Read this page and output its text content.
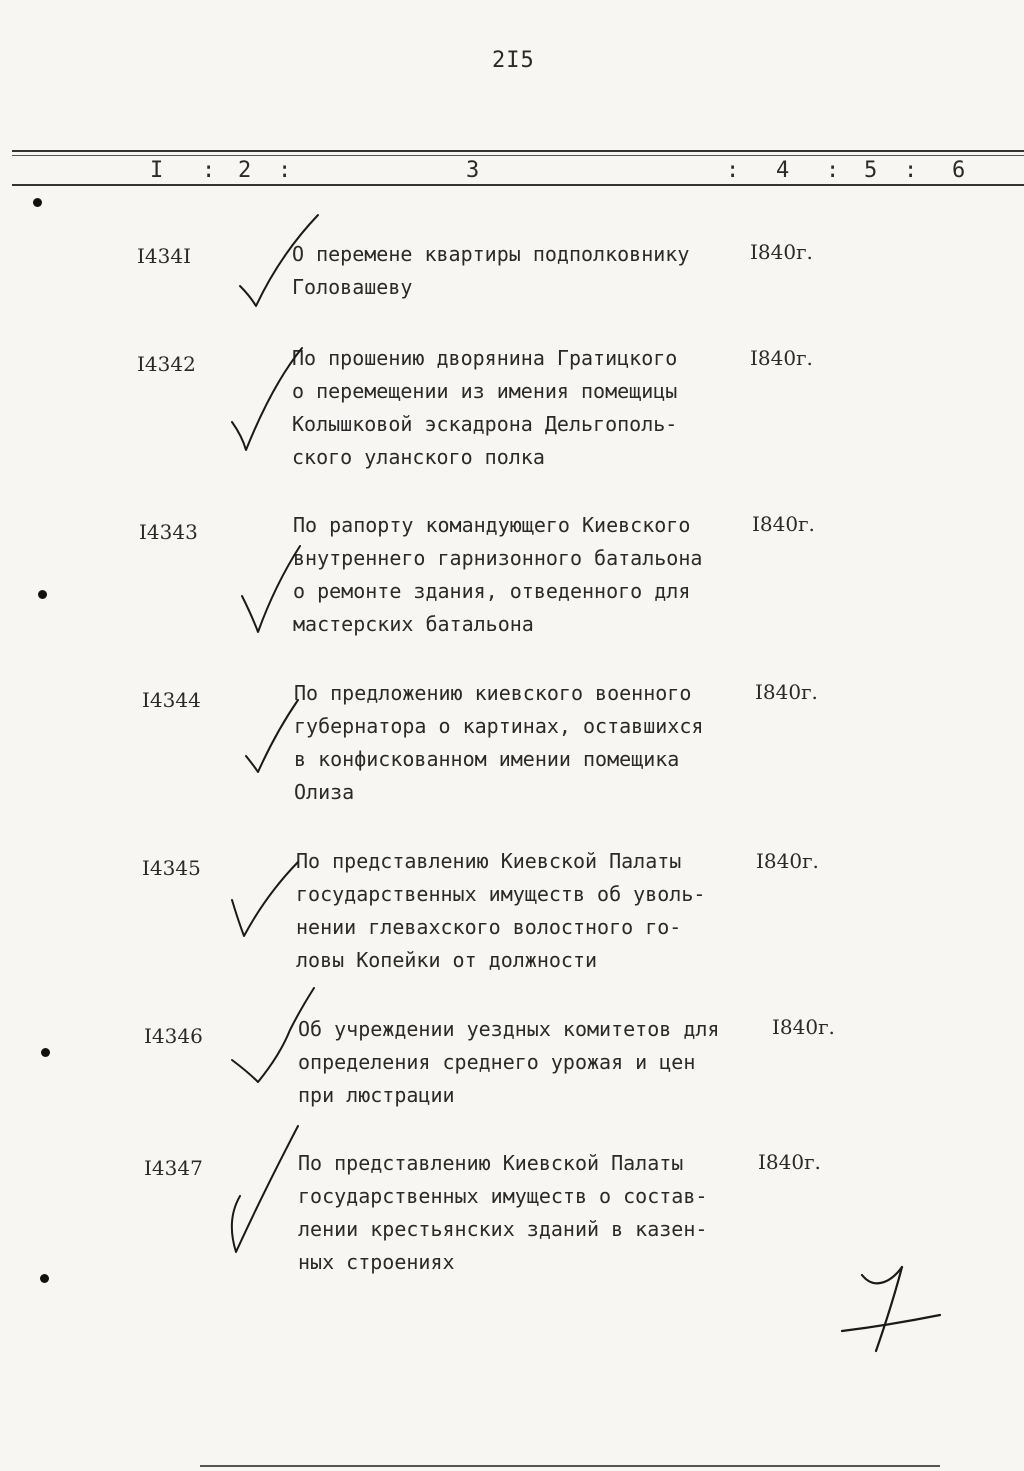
2I5
I : 2 :	3	: 4 : 5 : 6
I434I	О перемене квартиры подполковнику
Головашеву
I840г.
I4342	По прошению дворянина Гратицкого
о перемещении из имения помещицы
Колышковой эскадрона Дельгополь-
ского уланского полка
I840г.
I4343	По рапорту командующего Киевского
внутреннего гарнизонного батальона
о ремонте здания, отведенного для
мастерских батальона
I840г.
I4344	По предложению киевского военного
губернатора о картинах, оставшихся
в конфискованном имении помещика
Олиза
I840г.
I4345	По представлению Киевской Палаты
государственных имуществ об уволь-
нении глевахского волостного го-
ловы Копейки от должности
I840г.
I4346	Об учреждении уездных комитетов для
определения среднего урожая и цен
при люстрации
I840г.
I4347	По представлению Киевской Палаты
государственных имуществ о состав-
лении крестьянских зданий в казен-
ных строениях
I840г.
